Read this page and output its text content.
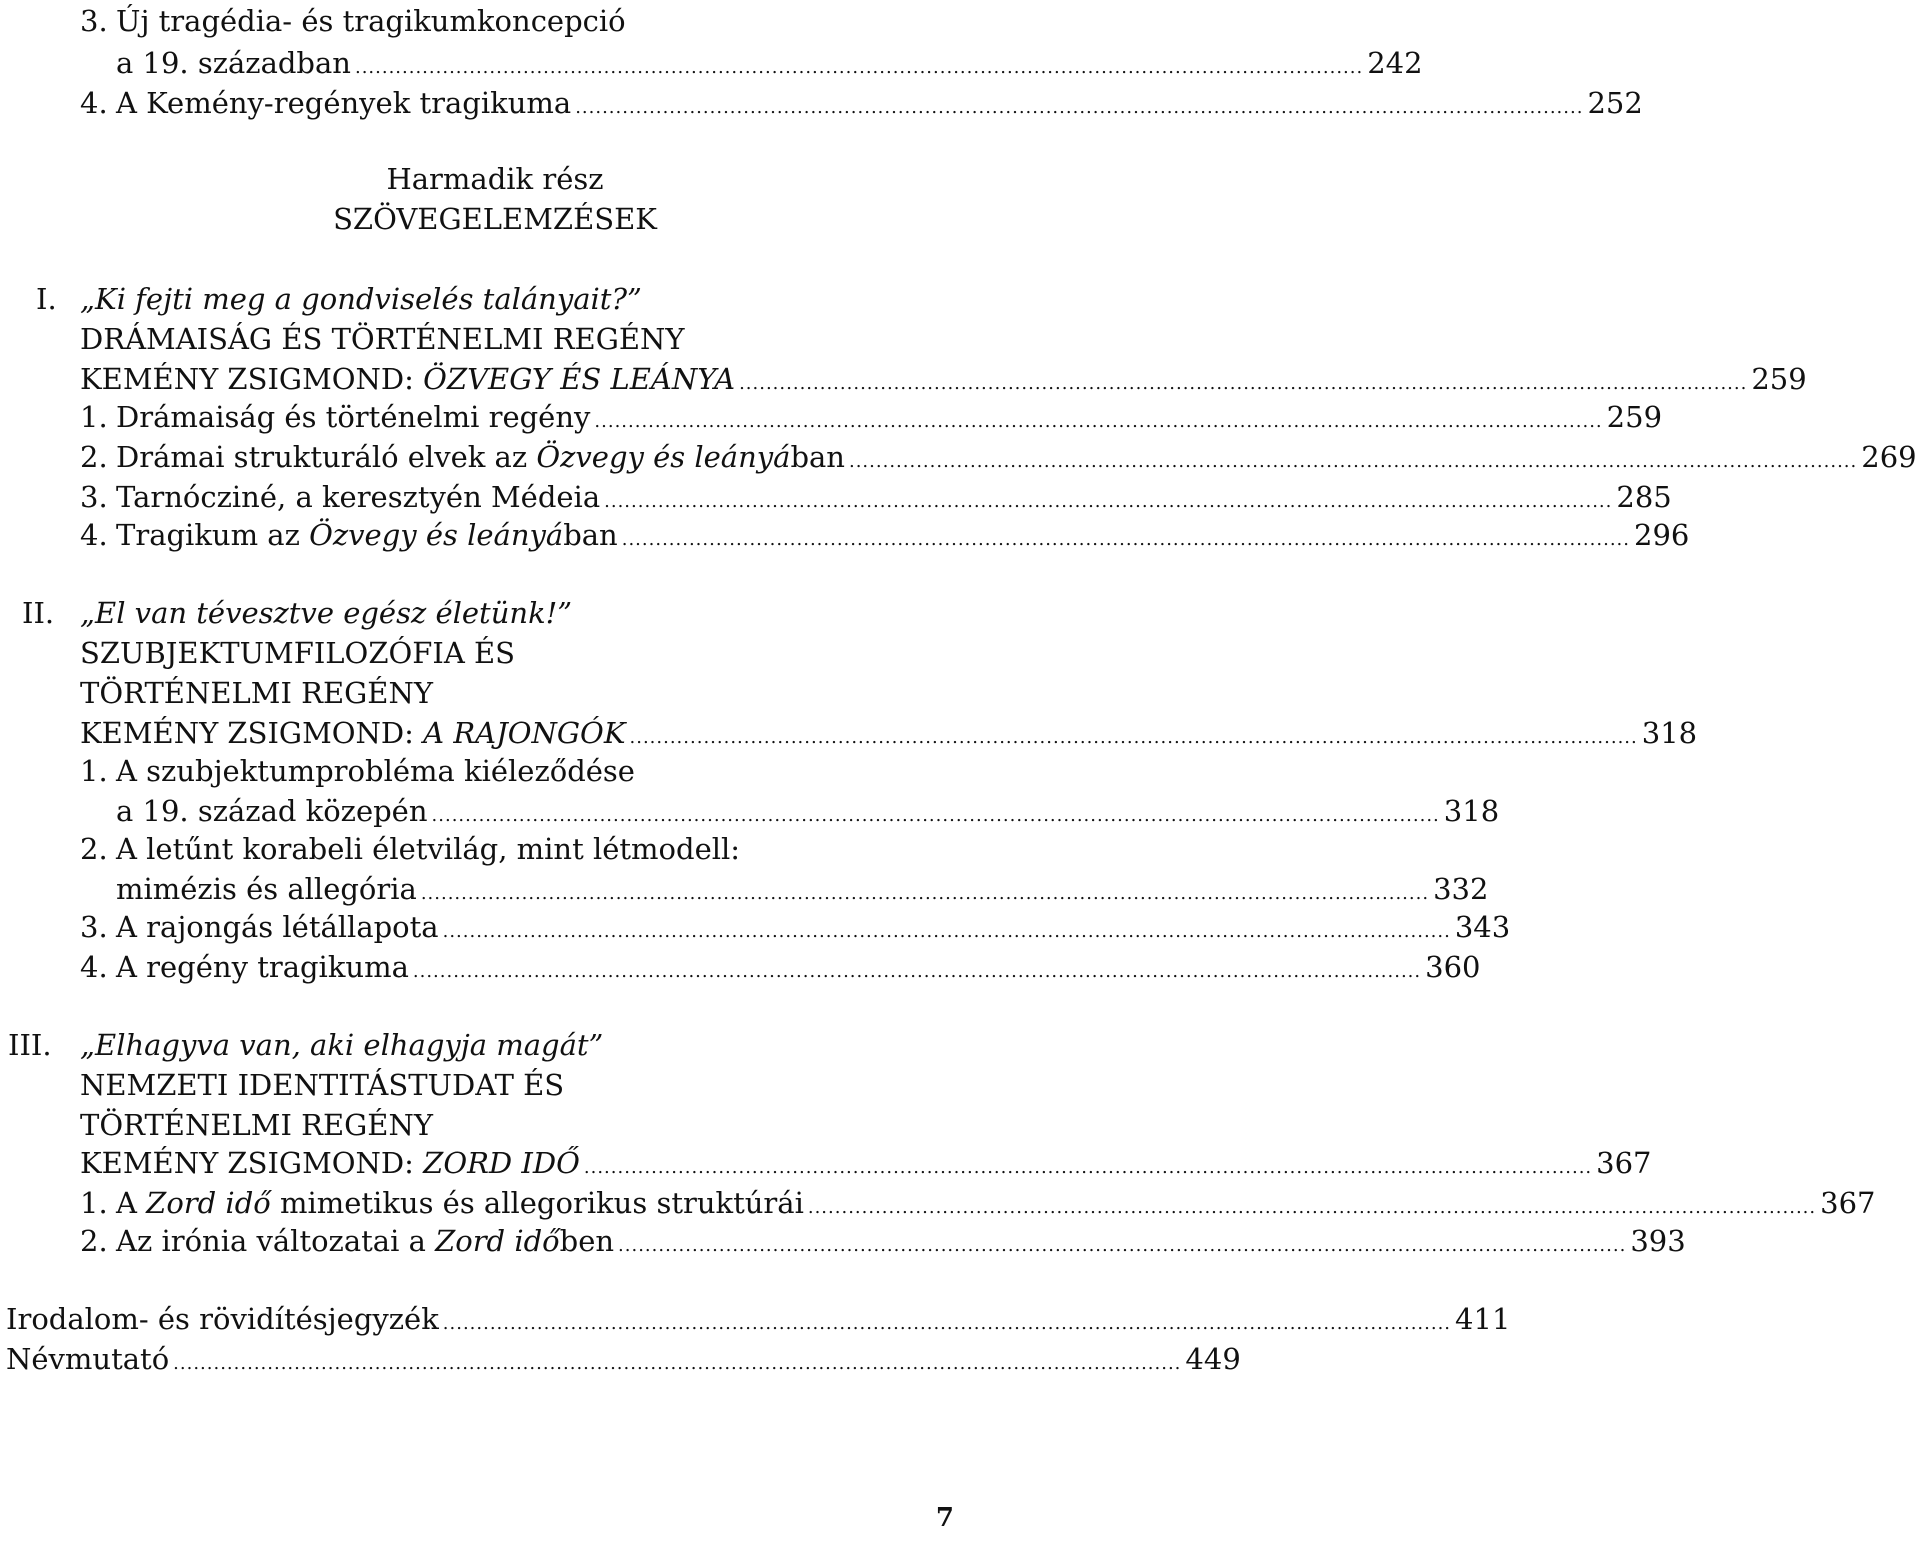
3. Új tragédia- és tragikumkoncepció
a 19. században ...................................................................................................................................................... 242
4. A Kemény-regények tragikuma ...................................................................................................................................................... 252
Harmadik rész
SZÖVEGELEMZÉSEK
I. „Ki fejti meg a gondviselés talányait?”
DRÁMAISÁG ÉS TÖRTÉNELMI REGÉNY
KEMÉNY ZSIGMOND: ÖZVEGY ÉS LEÁNYA ...................................................................................................................................................... 259
1. Drámaiság és történelmi regény ...................................................................................................................................................... 259
2. Drámai strukturáló elvek az Özvegy és leányában ...................................................................................................................................................... 269
3. Tarnócziné, a keresztyén Médeia ...................................................................................................................................................... 285
4. Tragikum az Özvegy és leányában ...................................................................................................................................................... 296
II. „El van tévesztve egész életünk!”
SZUBJEKTUMFILOZÓFIA ÉS
TÖRTÉNELMI REGÉNY
KEMÉNY ZSIGMOND: A RAJONGÓK ...................................................................................................................................................... 318
1. A szubjektumprobléma kiéleződése
a 19. század közepén ...................................................................................................................................................... 318
2. A letűnt korabeli életvilág, mint létmodell:
mimézis és allegória ...................................................................................................................................................... 332
3. A rajongás létállapota ...................................................................................................................................................... 343
4. A regény tragikuma ...................................................................................................................................................... 360
III. „Elhagyva van, aki elhagyja magát”
NEMZETI IDENTITÁSTUDAT ÉS
TÖRTÉNELMI REGÉNY
KEMÉNY ZSIGMOND: ZORD IDŐ ...................................................................................................................................................... 367
1. A Zord idő mimetikus és allegorikus struktúrái ...................................................................................................................................................... 367
2. Az irónia változatai a Zord időben ...................................................................................................................................................... 393
Irodalom- és rövidítésjegyzék ...................................................................................................................................................... 411
Névmutató ...................................................................................................................................................... 449
7
